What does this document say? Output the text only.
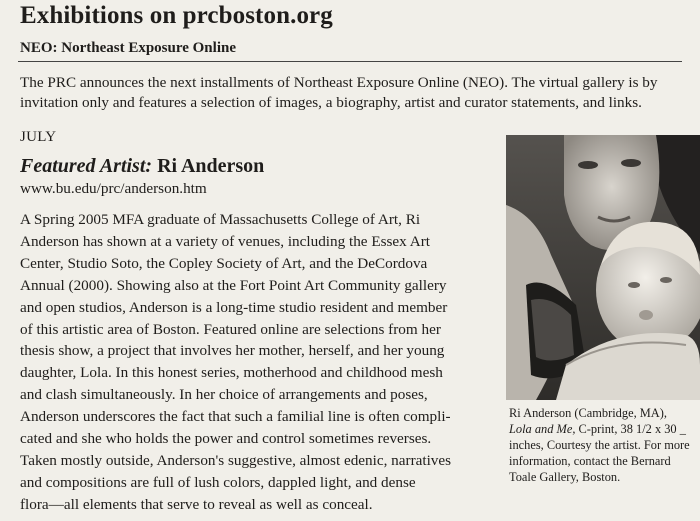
Exhibitions on prcboston.org
NEO: Northeast Exposure Online
The PRC announces the next installments of Northeast Exposure Online (NEO). The virtual gallery is by invitation only and features a selection of images, a biography, artist and curator statements, and links.
JULY
Featured Artist: Ri Anderson
www.bu.edu/prc/anderson.htm
A Spring 2005 MFA graduate of Massachusetts College of Art, Ri
Anderson has shown at a variety of venues, including the Essex Art
Center, Studio Soto, the Copley Society of Art, and the DeCordova
Annual (2000). Showing also at the Fort Point Art Community gallery
and open studios, Anderson is a long-time studio resident and member
of this artistic area of Boston. Featured online are selections from her
thesis show, a project that involves her mother, herself, and her young
daughter, Lola. In this honest series, motherhood and childhood mesh
and clash simultaneously. In her choice of arrangements and poses,
Anderson underscores the fact that such a familial line is often compli-
cated and she who holds the power and control sometimes reverses.
Taken mostly outside, Anderson's suggestive, almost edenic, narratives
and compositions are full of lush colors, dappled light, and dense
flora—all elements that serve to reveal as well as conceal.
Ri Anderson (Cambridge, MA),
Lola and Me, C-print, 38 1/2 x 30 _
inches, Courtesy the artist. For more
information, contact the Bernard
Toale Gallery, Boston.
